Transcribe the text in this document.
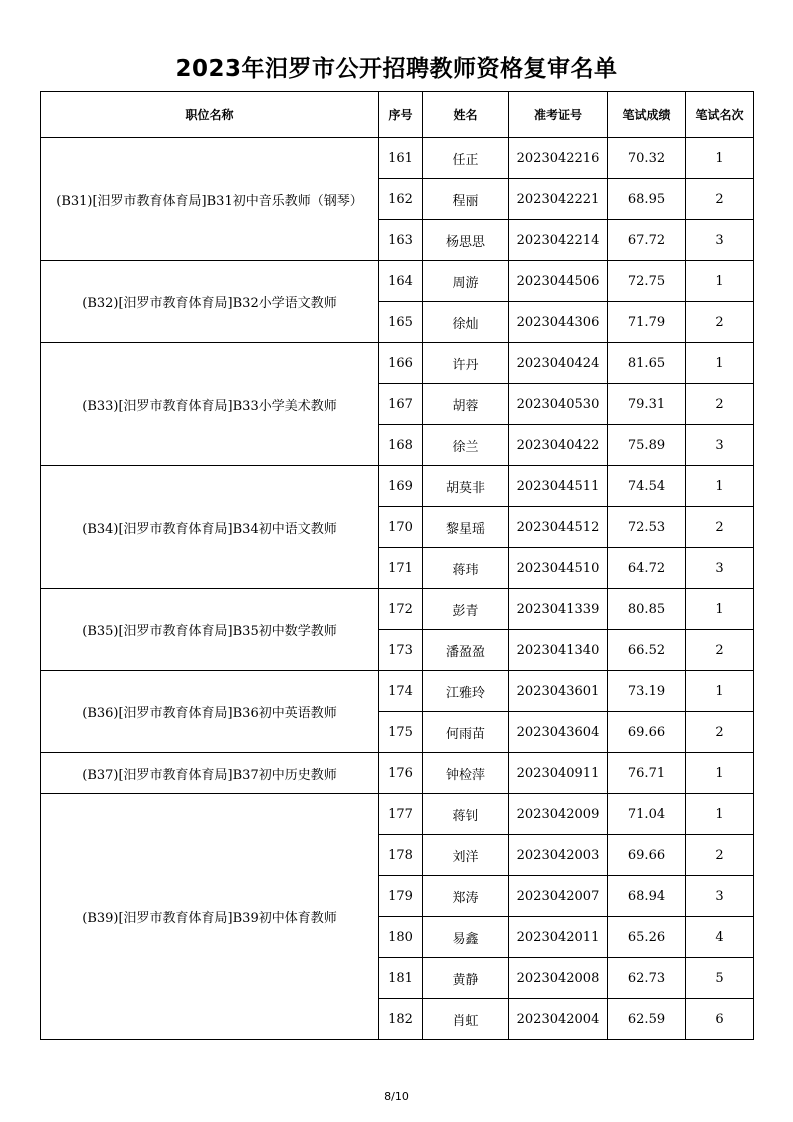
2023年汨罗市公开招聘教师资格复审名单
职位名称	序号	姓名	准考证号	笔试成绩	笔试名次
(B31)[汨罗市教育体育局]B31初中音乐教师（钢琴）	161	任正	2023042216	70.32	1
	162	程丽	2023042221	68.95	2
	163	杨思思	2023042214	67.72	3
(B32)[汨罗市教育体育局]B32小学语文教师	164	周游	2023044506	72.75	1
	165	徐灿	2023044306	71.79	2
(B33)[汨罗市教育体育局]B33小学美术教师	166	许丹	2023040424	81.65	1
	167	胡蓉	2023040530	79.31	2
	168	徐兰	2023040422	75.89	3
(B34)[汨罗市教育体育局]B34初中语文教师	169	胡莫非	2023044511	74.54	1
	170	黎星瑶	2023044512	72.53	2
	171	蒋玮	2023044510	64.72	3
(B35)[汨罗市教育体育局]B35初中数学教师	172	彭青	2023041339	80.85	1
	173	潘盈盈	2023041340	66.52	2
(B36)[汨罗市教育体育局]B36初中英语教师	174	江雅玲	2023043601	73.19	1
	175	何雨苗	2023043604	69.66	2
(B37)[汨罗市教育体育局]B37初中历史教师	176	钟检萍	2023040911	76.71	1
(B39)[汨罗市教育体育局]B39初中体育教师	177	蒋钊	2023042009	71.04	1
	178	刘洋	2023042003	69.66	2
	179	郑涛	2023042007	68.94	3
	180	易鑫	2023042011	65.26	4
	181	黄静	2023042008	62.73	5
	182	肖虹	2023042004	62.59	6
8/10
